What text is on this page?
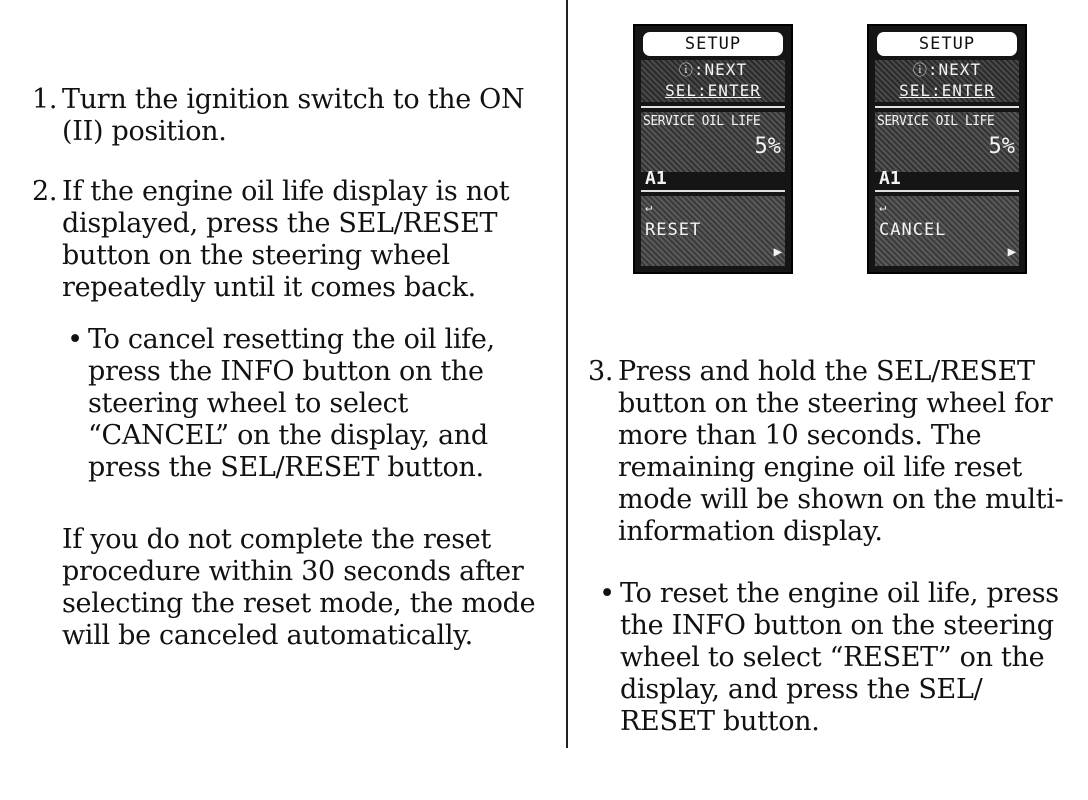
1. Turn the ignition switch to the ON (II) position.
2. If the engine oil life display is not displayed, press the SEL/RESET button on the steering wheel repeatedly until it comes back.
• To cancel resetting the oil life, press the INFO button on the steering wheel to select “CANCEL” on the display, and press the SEL/RESET button.
If you do not complete the reset procedure within 30 seconds after selecting the reset mode, the mode will be canceled automatically.
SETUP
ⓘ:NEXT
SEL:ENTER
SERVICE OIL LIFE
5%
A1
↵
RESET
▶
SETUP
ⓘ:NEXT
SEL:ENTER
SERVICE OIL LIFE
5%
A1
↵
CANCEL
▶
3. Press and hold the SEL/RESET button on the steering wheel for more than 10 seconds. The remaining engine oil life reset mode will be shown on the multi-information display.
• To reset the engine oil life, press the INFO button on the steering wheel to select “RESET” on the display, and press the SEL/ RESET button.
